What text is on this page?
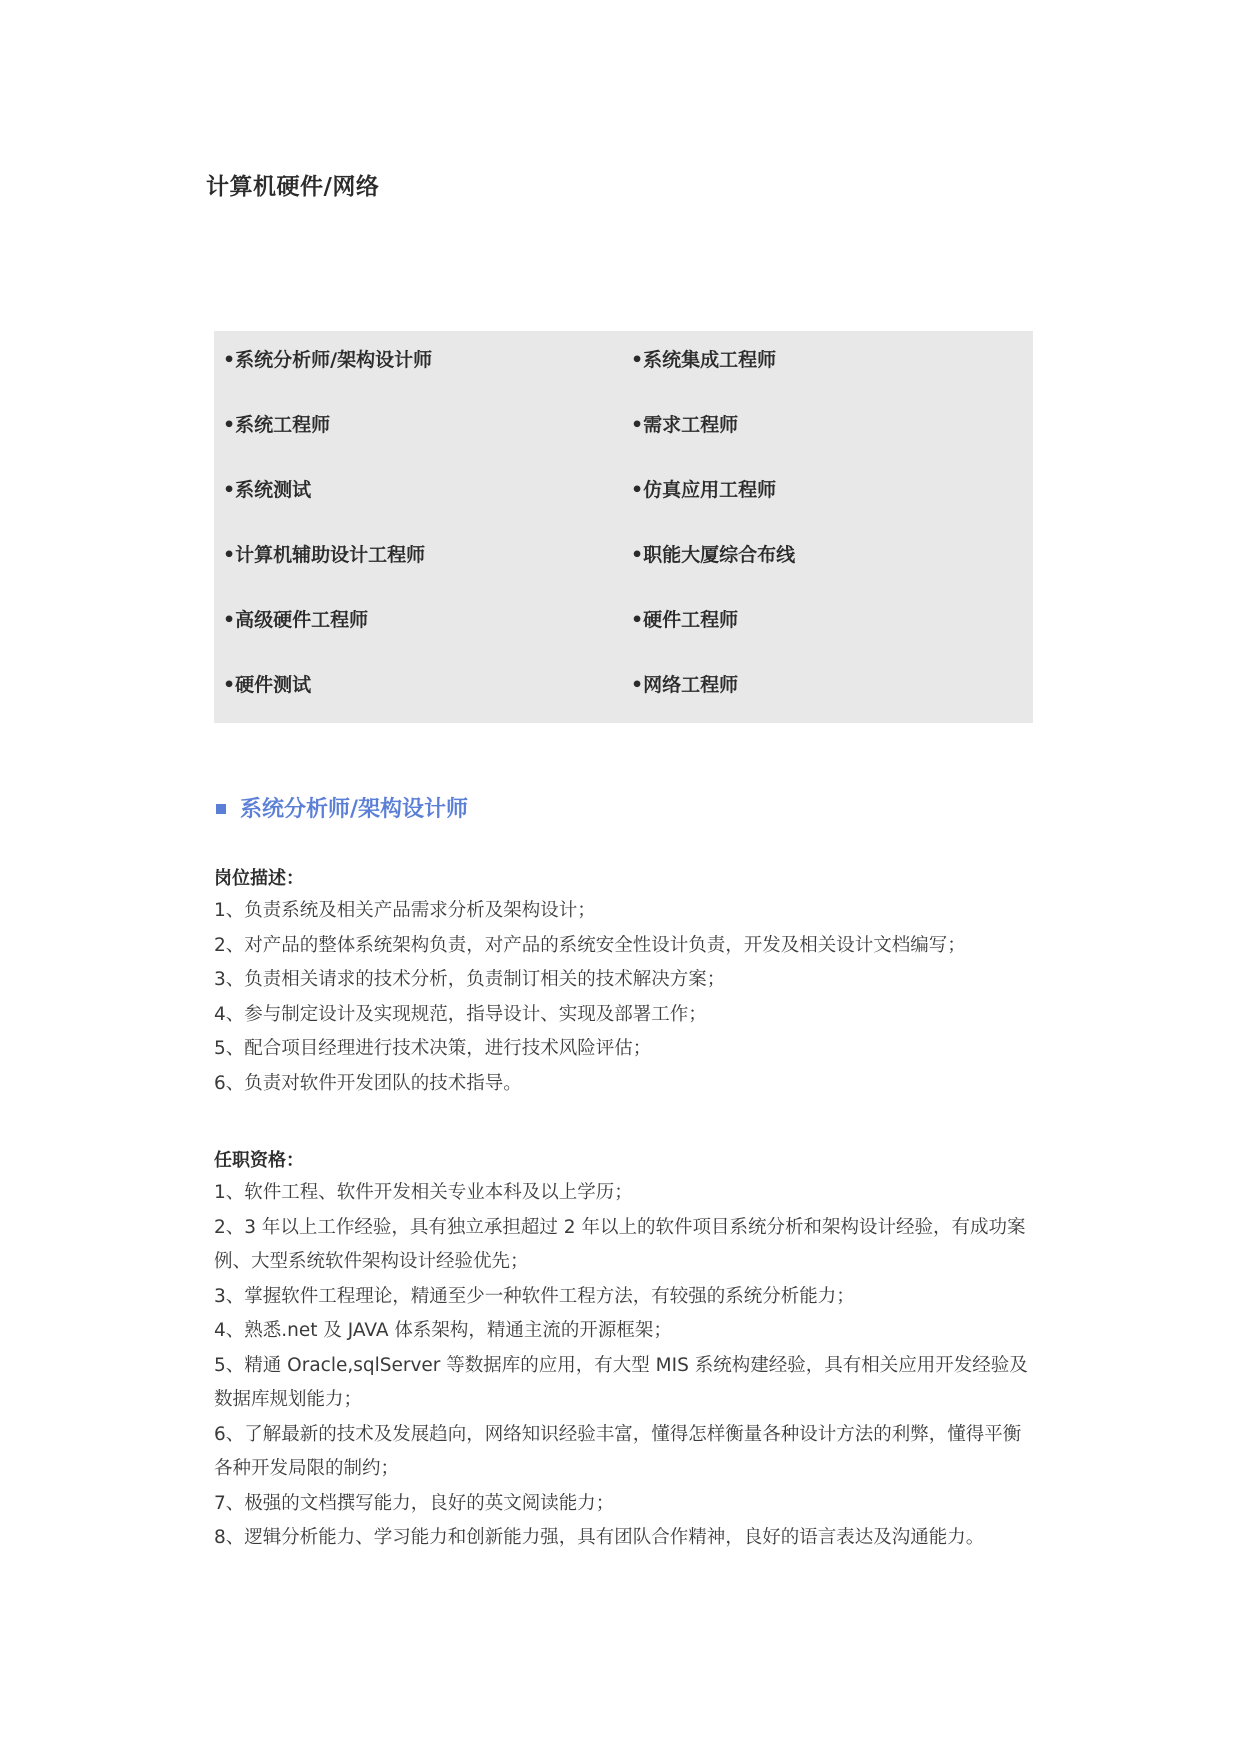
计算机硬件/网络
•系统分析师/架构设计师	•系统集成工程师
•系统工程师	•需求工程师
•系统测试	•仿真应用工程师
•计算机辅助设计工程师	•职能大厦综合布线
•高级硬件工程师	•硬件工程师
•硬件测试	•网络工程师
系统分析师/架构设计师

岗位描述：

1、负责系统及相关产品需求分析及架构设计；
2、对产品的整体系统架构负责，对产品的系统安全性设计负责，开发及相关设计文档编写；
3、负责相关请求的技术分析，负责制订相关的技术解决方案；
4、参与制定设计及实现规范，指导设计、实现及部署工作；
5、配合项目经理进行技术决策，进行技术风险评估；
6、负责对软件开发团队的技术指导。

任职资格：

1、软件工程、软件开发相关专业本科及以上学历；
2、3 年以上工作经验，具有独立承担超过 2 年以上的软件项目系统分析和架构设计经验，有成功案例、大型系统软件架构设计经验优先；
3、掌握软件工程理论，精通至少一种软件工程方法，有较强的系统分析能力；
4、熟悉.net 及 JAVA 体系架构，精通主流的开源框架；
5、精通 Oracle,sqlServer 等数据库的应用，有大型 MIS 系统构建经验，具有相关应用开发经验及数据库规划能力；
6、了解最新的技术及发展趋向，网络知识经验丰富，懂得怎样衡量各种设计方法的利弊，懂得平衡各种开发局限的制约；
7、极强的文档撰写能力，良好的英文阅读能力；
8、逻辑分析能力、学习能力和创新能力强，具有团队合作精神，良好的语言表达及沟通能力。
